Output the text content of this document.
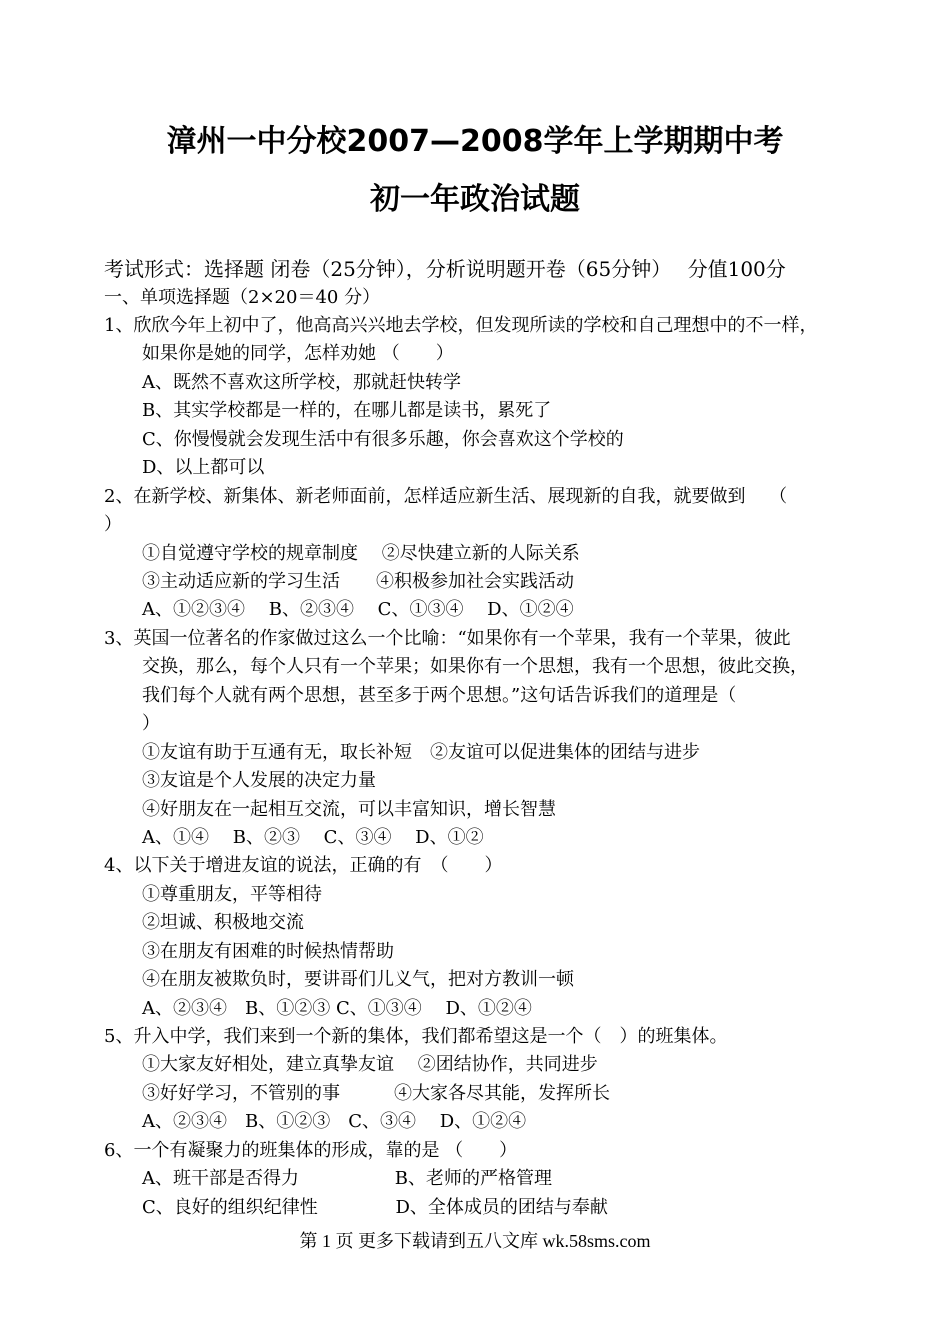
漳州一中分校2007—2008学年上学期期中考
初一年政治试题
考试形式：选择题 闭卷（25分钟），分析说明题开卷（65分钟）　 分值100分
一、单项选择题（2×20＝40 分）
1、欣欣今年上初中了，他高高兴兴地去学校，但发现所读的学校和自己理想中的不一样，
如果你是她的同学，怎样劝她 （　　）
A、既然不喜欢这所学校，那就赶快转学
B、其实学校都是一样的，在哪儿都是读书，累死了
C、你慢慢就会发现生活中有很多乐趣，你会喜欢这个学校的
D、以上都可以
2、在新学校、新集体、新老师面前，怎样适应新生活、展现新的自我，就要做到　 （
）
①自觉遵守学校的规章制度　 ②尽快建立新的人际关系
③主动适应新的学习生活　　④积极参加社会实践活动
A、①②③④　 B、②③④　 C、①③④　 D、①②④
3、英国一位著名的作家做过这么一个比喻：“如果你有一个苹果，我有一个苹果，彼此
交换，那么，每个人只有一个苹果；如果你有一个思想，我有一个思想，彼此交换，
我们每个人就有两个思想，甚至多于两个思想。”这句话告诉我们的道理是（
）
①友谊有助于互通有无，取长补短　②友谊可以促进集体的团结与进步
③友谊是个人发展的决定力量
④好朋友在一起相互交流，可以丰富知识，增长智慧
A、①④　 B、②③　 C、③④　 D、①②
4、以下关于增进友谊的说法，正确的有　（　　）
①尊重朋友，平等相待
②坦诚、积极地交流
③在朋友有困难的时候热情帮助
④在朋友被欺负时，要讲哥们儿义气，把对方教训一顿
A、②③④　B、①②③ C、①③④　 D、①②④
5、升入中学，我们来到一个新的集体，我们都希望这是一个（　）的班集体。
①大家友好相处，建立真挚友谊　 ②团结协作，共同进步
③好好学习，不管别的事　　　④大家各尽其能，发挥所长
A、②③④　B、①②③　C、③④　 D、①②④
6、一个有凝聚力的班集体的形成，靠的是 （　　）
A、班干部是否得力　　　　　 B、老师的严格管理
C、良好的组织纪律性　　　　 D、全体成员的团结与奉献
第 1 页 更多下载请到五八文库 wk.58sms.com
